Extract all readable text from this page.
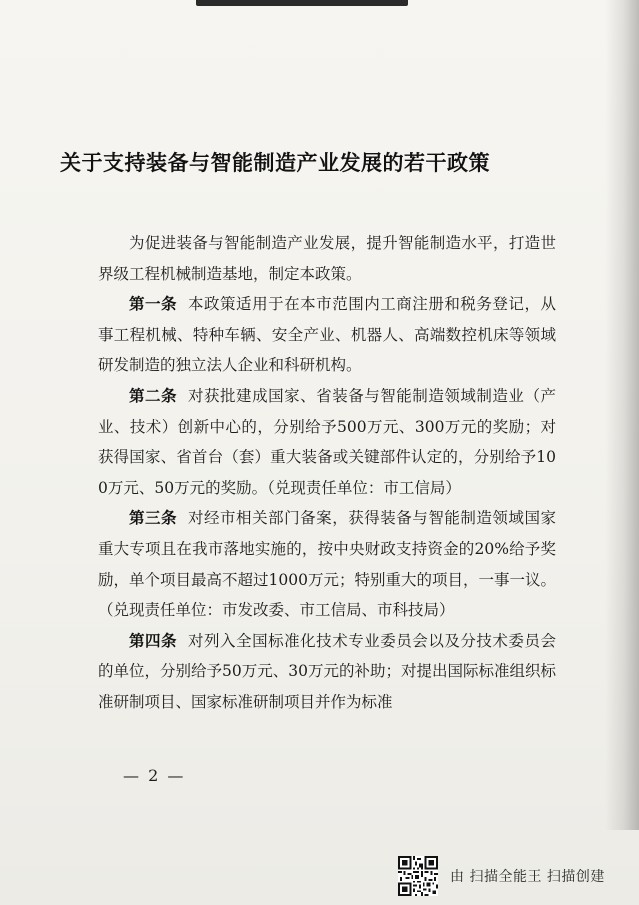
关于支持装备与智能制造产业发展的若干政策

为促进装备与智能制造产业发展，提升智能制造水平，打造世界级工程机械制造基地，制定本政策。

第一条 本政策适用于在本市范围内工商注册和税务登记，从事工程机械、特种车辆、安全产业、机器人、高端数控机床等领域研发制造的独立法人企业和科研机构。

第二条 对获批建成国家、省装备与智能制造领域制造业（产业、技术）创新中心的，分别给予500万元、300万元的奖励；对获得国家、省首台（套）重大装备或关键部件认定的，分别给予100万元、50万元的奖励。（兑现责任单位：市工信局）

第三条 对经市相关部门备案，获得装备与智能制造领域国家重大专项且在我市落地实施的，按中央财政支持资金的20%给予奖励，单个项目最高不超过1000万元；特别重大的项目，一事一议。（兑现责任单位：市发改委、市工信局、市科技局）

第四条 对列入全国标准化技术专业委员会以及分技术委员会的单位，分别给予50万元、30万元的补助；对提出国际标准组织标准研制项目、国家标准研制项目并作为标准

— 2 —
由 扫描全能王 扫描创建
